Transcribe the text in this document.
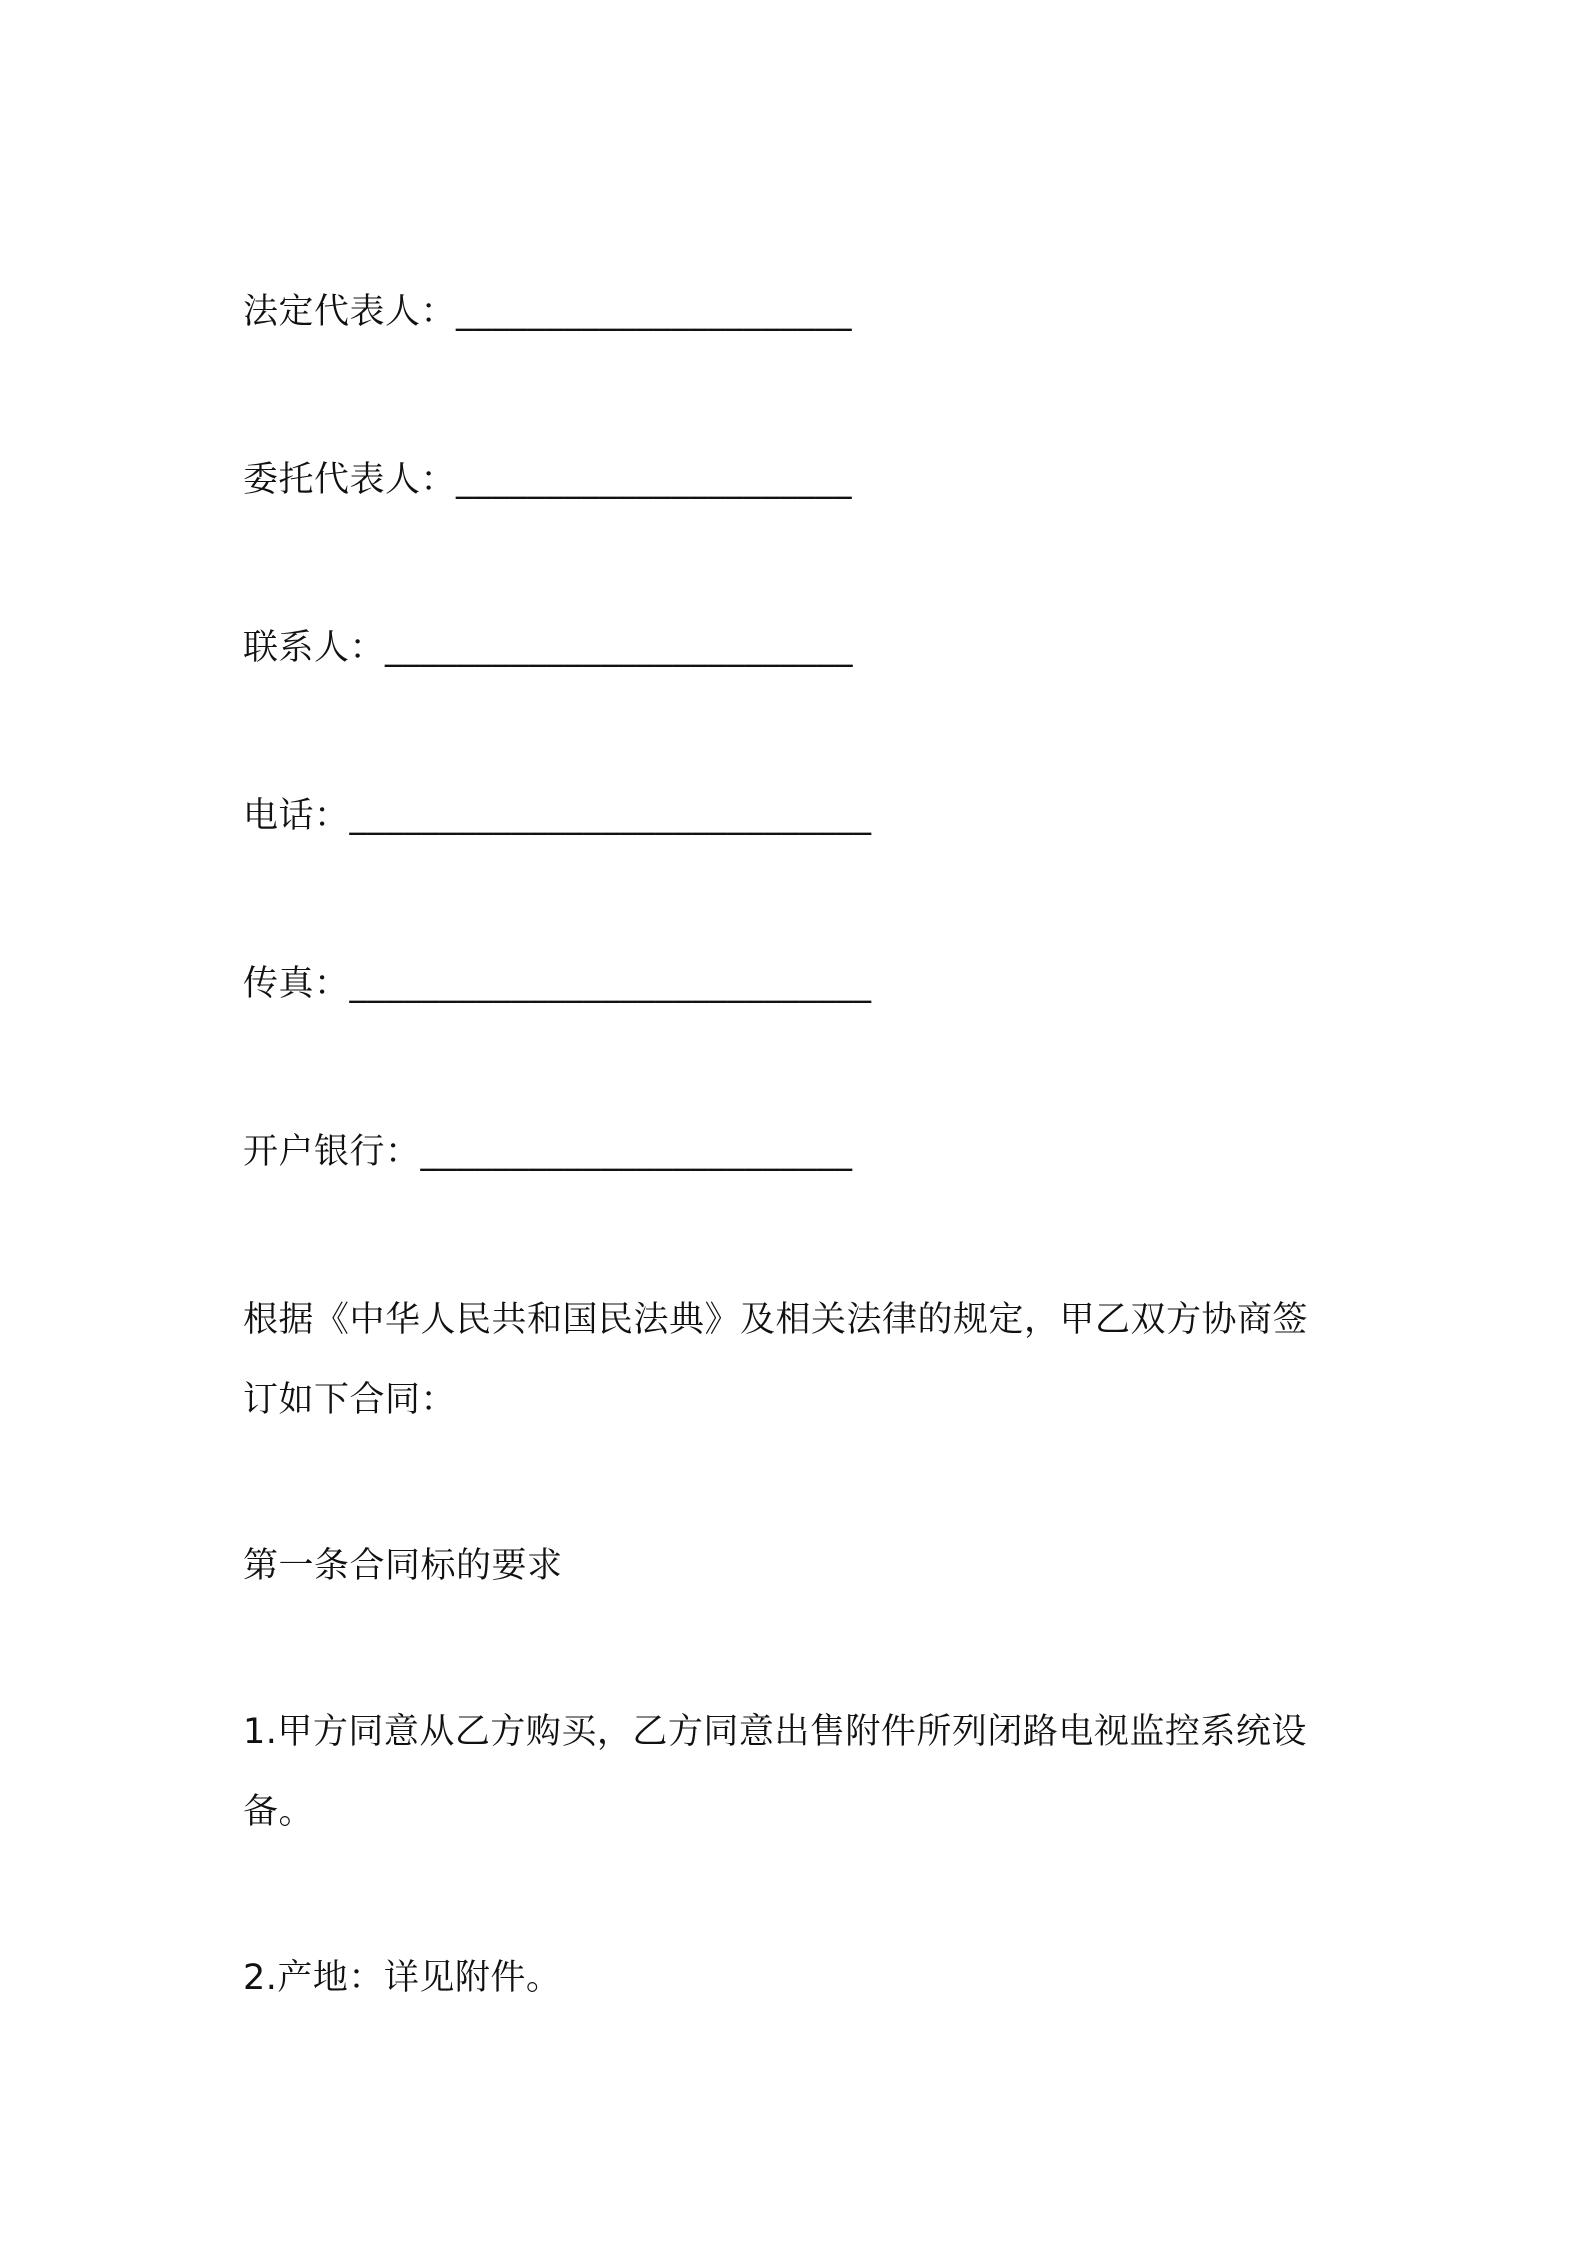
法定代表人：______________________
委托代表人：______________________
联系人：__________________________
电话：_____________________________
传真：_____________________________
开户银行：________________________
根据《中华人民共和国民法典》及相关法律的规定，甲乙双方协商签
订如下合同：
第一条合同标的要求
1.甲方同意从乙方购买，乙方同意出售附件所列闭路电视监控系统设
备。
2.产地：详见附件。
